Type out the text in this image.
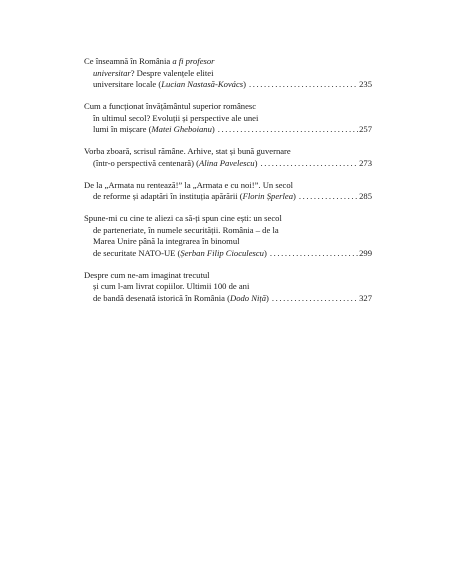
Ce înseamnă în România a fi profesor
universitar? Despre valențele elitei
universitare locale (Lucian Nastasă-Kovács) .....	235
Cum a funcționat învățământul superior românesc
în ultimul secol? Evoluții și perspective ale unei
lumi în mișcare (Matei Gheboianu) .....	257
Vorba zboară, scrisul rămâne. Arhive, stat și bună guvernare
(într-o perspectivă centenară) (Alina Pavelescu) .....	273
De la „Armata nu rentează!” la „Armata e cu noi!”. Un secol
de reforme și adaptări în instituția apărării (Florin Șperlea) .....	285
Spune-mi cu cine te aliezi ca să-ți spun cine ești: un secol
de parteneriate, în numele securității. România – de la
Marea Unire până la integrarea în binomul
de securitate NATO-UE (Șerban Filip Cioculescu) .....	299
Despre cum ne-am imaginat trecutul
și cum l-am livrat copiilor. Ultimii 100 de ani
de bandă desenată istorică în România (Dodo Niță) .....	327
